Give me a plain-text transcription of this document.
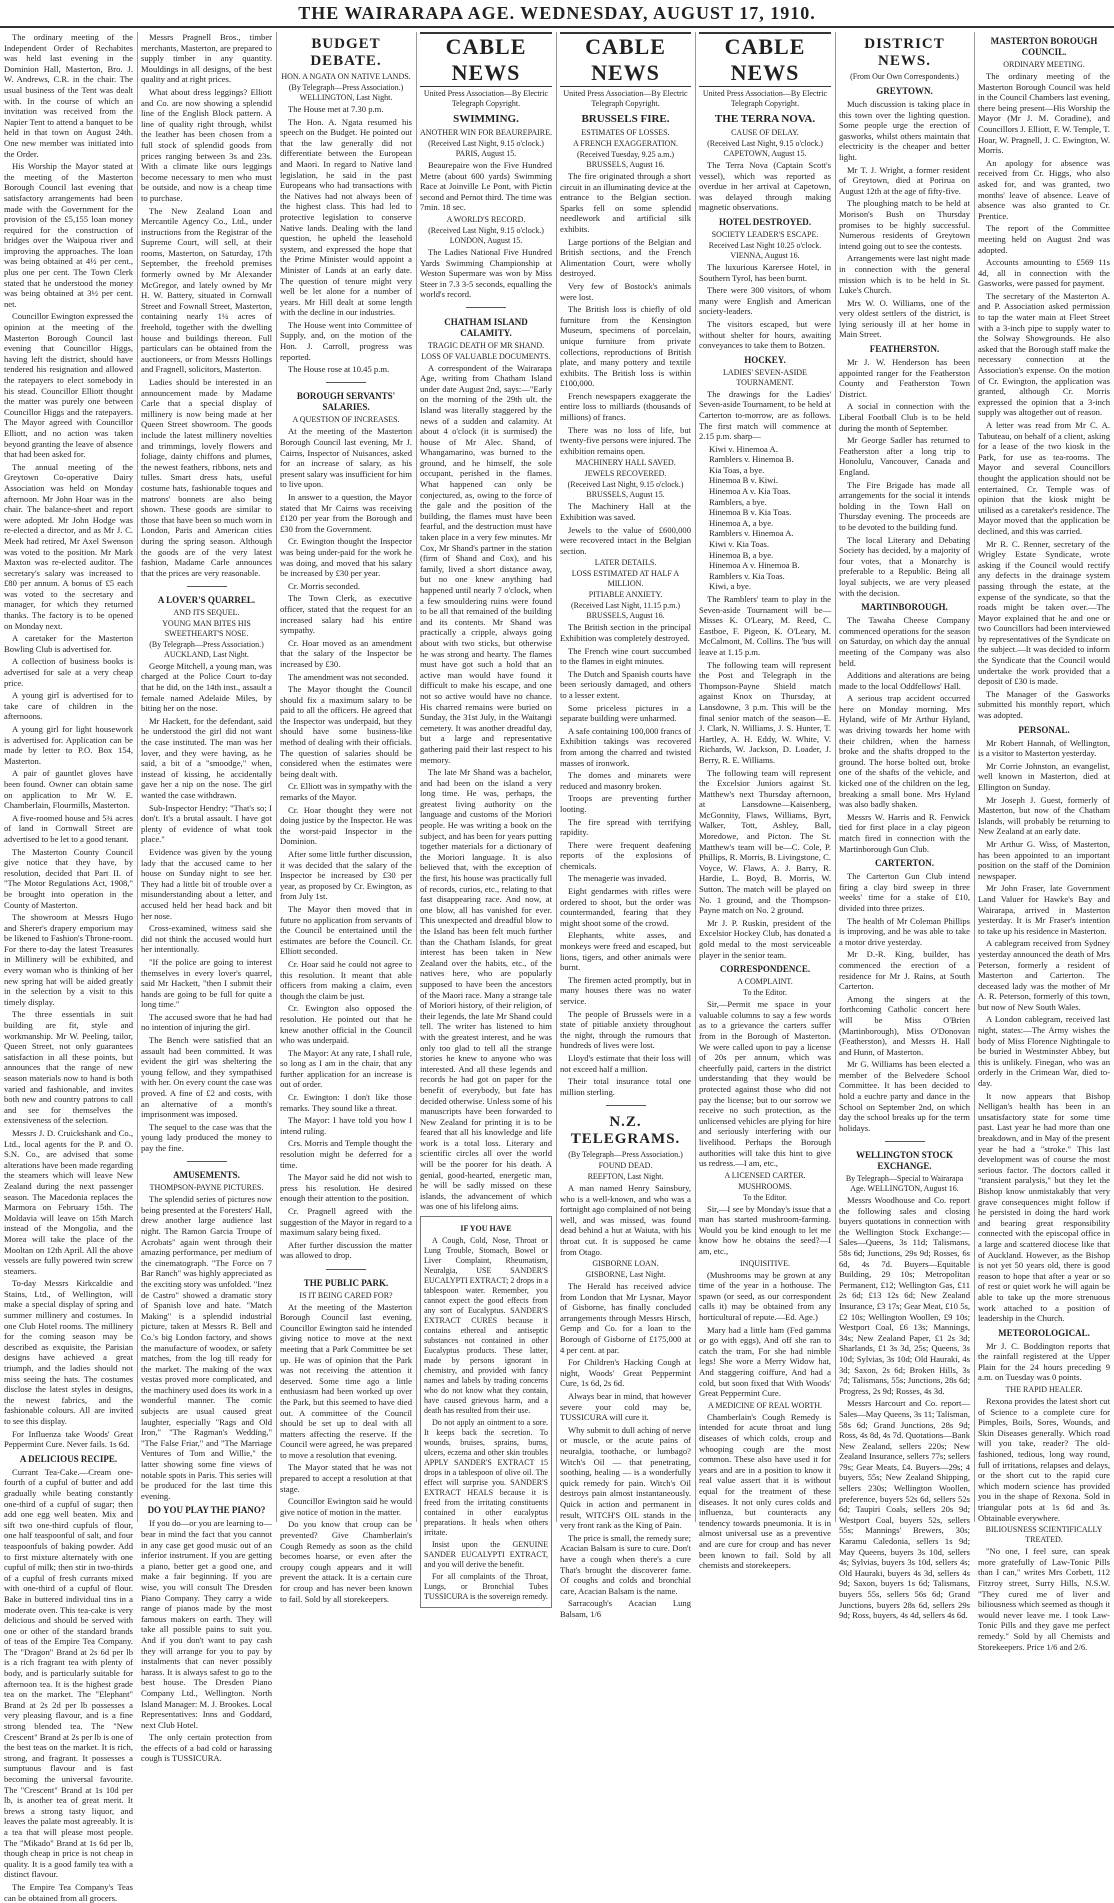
THE WAIRARAPA AGE. WEDNESDAY, AUGUST 17, 1910.

The ordinary meeting of the Independent Order of Rechabites was held last evening in the Dominion Hall, Masterton, Bro. J. W. Andrews, C.R. in the chair. The usual business of the Tent was dealt with. In the course of which an invitation was received from the Napier Tent to attend a banquet to be held in that town on August 24th. One new member was initiated into the Order.

His Worship the Mayor stated at the meeting of the Masterton Borough Council last evening that satisfactory arrangements had been made with the Government for the provision of the £5,155 loan money required for the construction of bridges over the Waipoua river and improving the approaches. The loan was being obtained at 4½ per cent., plus one per cent. The Town Clerk stated that he understood the money was being obtained at 3½ per cent. net.

Councillor Ewington expressed the opinion at the meeting of the Masterton Borough Council last evening that Councillor Higgs, having left the district, should have tendered his resignation and allowed the ratepayers to elect somebody in his stead. Councillor Elliott thought the matter was purely one between Councillor Higgs and the ratepayers. The Mayor agreed with Councillor Elliott, and no action was taken beyond granting the leave of absence that had been asked for.

The annual meeting of the Greytown Co-operative Dairy Association was held on Monday afternoon. Mr John Hoar was in the chair. The balance-sheet and report were adopted. Mr John Hodge was re-elected a director, and as Mr J. C. Meek had retired, Mr Axel Swenson was voted to the position. Mr Mark Maxton was re-elected auditor. The secretary's salary was increased to £80 per annum. A bonus of £5 each was voted to the secretary and manager, for which they returned thanks. The factory is to be opened on Monday next.

A caretaker for the Masterton Bowling Club is advertised for.

A collection of business books is advertised for sale at a very cheap price.

A young girl is advertised for to take care of children in the afternoons.

A young girl for light housework is advertised for. Application can be made by letter to P.O. Box 154, Masterton.

A pair of gauntlet gloves have been found. Owner can obtain same on application to Mr W. E. Chamberlain, Flourmills, Masterton.

A five-roomed house and 5¾ acres of land in Cornwall Street are advertised to be let to a good tenant.

The Masterton County Council give notice that they have, by resolution, decided that Part II. of "The Motor Regulations Act, 1908," be brought into operation in the County of Masterton.

The showroom at Messrs Hugo and Sherer's drapery emporium may be likened to Fashion's Throne-room. For there to-day the latest Treasures in Millinery will be exhibited, and every woman who is thinking of her new spring hat will be aided greatly in the selection by a visit to this timely display.

The three essentials in suit building are fit, style and workmanship. Mr W. Peeling, tailor, Queen Street, not only guarantees satisfaction in all these points, but announces that the range of new season materials now to hand is both varied and fashionable, and invites both new and country patrons to call and see for themselves the extensiveness of the selection.

Messrs J. D. Cruickshank and Co., Ltd., local agents for the P. and O. S.N. Co., are advised that some alterations have been made regarding the steamers which will leave New Zealand during the next passenger season. The Macedonia replaces the Marmora on February 15th. The Moldavia will leave on 15th March instead of the Mongolia, and the Morea will take the place of the Mooltan on 12th April. All the above vessels are fully powered twin screw steamers.

To-day Messrs Kirkcaldie and Stains, Ltd., of Wellington, will make a special display of spring and summer millinery and costumes. In one Club Hotel rooms. The millinery for the coming season may be described as exquisite, the Parisian designs have achieved a great triumph, and the ladies should not miss seeing the hats. The costumes disclose the latest styles in designs, the newest fabrics, and the fashionable colours. All are invited to see this display.

For Influenza take Woods' Great Peppermint Cure. Never fails. 1s 6d.

A DELICIOUS RECIPE.

Currant Tea-Cake.—Cream one-fourth of a cupful of butter and add gradually while beating constantly one-third of a cupful of sugar; then add one egg well beaten. Mix and sift two one-third cupfuls of flour, one half teaspoonful of salt, and four teaspoonfuls of baking powder. Add to first mixture alternately with one cupful of milk; then stir in two-thirds of a cupful of fresh currants mixed with one-third of a cupful of flour. Bake in buttered individual tins in a moderate oven. This tea-cake is very delicious and should be served with one or other of the standard brands of teas of the Empire Tea Company. The "Dragon" Brand at 2s 6d per lb is a rich fragrant tea with plenty of body, and is particularly suitable for afternoon tea. It is the highest grade tea on the market. The "Elephant" Brand at 2s 2d per lb possesses a very pleasing flavour, and is a fine strong blended tea. The "New Crescent" Brand at 2s per lb is one of the best teas on the market. It is rich, strong, and fragrant. It possesses a sumptuous flavour and is fast becoming the universal favourite. The "Crescent" Brand at 1s 10d per lb, is another tea of great merit. It brews a strong tasty liquor, and leaves the palate most agreeably. It is a tea that will please most people. The "Mikado" Brand at 1s 6d per lb, though cheap in price is not cheap in quality. It is a good family tea with a distinct flavour.

The Empire Tea Company's Teas can be obtained from all grocers.

Messrs Pragnell Bros., timber merchants, Masterton, are prepared to supply timber in any quantity. Mouldings in all designs, of the best quality and at right prices.

What about dress leggings? Elliott and Co. are now showing a splendid line of the English Block pattern. A line of quality right through, whilst the leather has been chosen from a full stock of splendid goods from prices ranging between 3s and 23s. With a climate like ours leggings become necessary to men who must be outside, and now is a cheap time to purchase.

The New Zealand Loan and Mercantile Agency Co., Ltd., under instructions from the Registrar of the Supreme Court, will sell, at their rooms, Masterton, on Saturday, 17th September, the freehold premises formerly owned by Mr Alexander McGregor, and lately owned by Mr H. W. Battery, situated in Cornwall Street and Fownall Street, Masterton, containing nearly 1¼ acres of freehold, together with the dwelling house and buildings thereon. Full particulars can be obtained from the auctioneers, or from Messrs Hollings and Fragnell, solicitors, Masterton.

Ladies should be interested in an announcement made by Madame Carle that a special display of millinery is now being made at her Queen Street showroom. The goods include the latest millinery novelties and trimmings, lovely flowers and foliage, dainty chiffons and plumes, the newest feathers, ribbons, nets and tulles. Smart dress hats, useful costume hats, fashionable toques and matrons' bonnets are also being shown. These goods are similar to those that have been so much worn in London, Paris and American cities during the spring season. Although the goods are of the very latest fashion, Madame Carle announces that the prices are very reasonable.

A LOVER'S QUARREL.
AND ITS SEQUEL.
YOUNG MAN BITES HIS SWEETHEART'S NOSE.
(By Telegraph—Press Association.) AUCKLAND, Last Night.

George Mitchell, a young man, was charged at the Police Court to-day that he did, on the 14th inst., assault a female named Adelaide Miles, by biting her on the nose.

Mr Hackett, for the defendant, said he understood the girl did not want the case instituted. The man was her lover, and they were having, as he said, a bit of a "smoodge," when, instead of kissing, he accidentally gave her a nip on the nose. The girl wanted the case withdrawn.

Sub-Inspector Hendry: "That's so; I don't. It's a brutal assault. I have got plenty of evidence of what took place."

Evidence was given by the young lady that the accused came to her house on Sunday night to see her. They had a little bit of trouble over a misunderstanding about a letter, and accused held her head back and bit her nose.

Cross-examined, witness said she did not think the accused would hurt her intentionally.

"If the police are going to interest themselves in every lover's quarrel, said Mr Hackett, "then I submit their hands are going to be full for quite a long time."

The accused swore that he had had no intention of injuring the girl.

The Bench were satisfied that an assault had been committed. It was evident the girl was sheltering the young fellow, and they sympathised with her. On every count the case was proved. A fine of £2 and costs, with an alternative of a month's imprisonment was imposed.

The sequel to the case was that the young lady produced the money to pay the fine.

AMUSEMENTS.
THOMPSON-PAYNE PICTURES.

The splendid series of pictures now being presented at the Foresters' Hall, drew another large audience last night. The Ramon Garcia Troupe of Acrobats" again went through their amazing performance, per medium of the cinematograph. "The Force on 7 Bar Ranch" was highly appreciated as the exciting story was unfolded. "Inez de Castro" showed a dramatic story of Spanish love and hate. "Match Making" is a splendid industrial picture, taken at Messrs R. Bell and Co.'s big London factory, and shows the manufacture of woodex, or safety matches, from the log till ready for the market. The making of the wax vestas proved more complicated, and the machinery used does its work in a wonderful manner. The comic subjects are usual caused great laughter, especially "Rags and Old Iron," "The Ragman's Wedding," "The False Friar," and "The Marriage Ventures of Tom and Willie," the latter showing some fine views of notable spots in Paris. This series will be produced for the last time this evening.

DO YOU PLAY THE PIANO?

If you do—or you are learning to—bear in mind the fact that you cannot in any case get good music out of an inferior instrument. If you are getting a piano, better get a good one, and make a fair beginning. If you are wise, you will consult The Dresden Piano Company. They carry a wide range of pianos made by the most famous makers on earth. They will take all possible pains to suit you. And if you don't want to pay cash they will arrange for you to pay by instalments that can never possibly harass. It is always safest to go to the best house. The Dresden Piano Company Ltd., Wellington. North Island Manager: M. J. Brookes. Local Representatives: Inns and Goddard, next Club Hotel.

The only certain protection from the effects of a bad cold or harassing cough is TUSSICURA.

BUDGET DEBATE.
HON. A NGATA ON NATIVE LANDS.
(By Telegraph—Press Association.) WELLINGTON, Last Night.

The House met at 7.30 p.m.

The Hon. A. Ngata resumed his speech on the Budget. He pointed out that the law generally did not differentiate between the European and Maori. In regard to Native land legislation, he said in the past Europeans who had transactions with the Natives had not always been of the highest class. This had led to protective legislation to conserve Native lands. Dealing with the land question, he upheld the leasehold system, and expressed the hope that the Prime Minister would appoint a Minister of Lands at an early date. The question of tenure might very well be let alone for a number of years. Mr Hill dealt at some length with the decline in our industries.

The House went into Committee of Supply, and, on the motion of the Hon. J. Carroll, progress was reported.

The House rose at 10.45 p.m.

BOROUGH SERVANTS' SALARIES.
A QUESTION OF INCREASES.

At the meeting of the Masterton Borough Council last evening, Mr J. Cairns, Inspector of Nuisances, asked for an increase of salary, as his present salary was insufficient for him to live upon.

In answer to a question, the Mayor stated that Mr Cairns was receiving £120 per year from the Borough and £30 from the Government.

Cr. Ewington thought the Inspector was being under-paid for the work he was doing, and moved that his salary be increased by £30 per year.

Cr. Morris seconded.

The Town Clerk, as executive officer, stated that the request for an increased salary had his entire sympathy.

Cr. Hoar moved as an amendment that the salary of the Inspector be increased by £30.

The amendment was not seconded.

The Mayor thought the Council should fix a maximum salary to be paid to all the officers. He agreed that the Inspector was underpaid, but they should have some business-like method of dealing with their officials. The question of salaries should be considered when the estimates were being dealt with.

Cr. Elliott was in sympathy with the remarks of the Mayor.

Cr. Hoar thought they were not doing justice by the Inspector. He was the worst-paid Inspector in the Dominion.

After some little further discussion, it was decided that the salary of the Inspector be increased by £30 per year, as proposed by Cr. Ewington, as from July 1st.

The Mayor then moved that in future no application from servants of the Council be entertained until the estimates are before the Council. Cr. Elliott seconded.

Cr. Hoar said he could not agree to this resolution. It meant that able officers from making a claim, even though the claim be just.

Cr. Ewington also opposed the resolution. He pointed out that he knew another official in the Council who was underpaid.

The Mayor: At any rate, I shall rule, so long as I am in the chair, that any further application for an increase is out of order.

Cr. Ewington: I don't like those remarks. They sound like a threat.

The Mayor: I have told you how I intend ruling.

Crs. Morris and Temple thought the resolution might be deferred for a time.

The Mayor said he did not wish to press his resolution. He desired enough their attention to the position.

Cr. Pragnell agreed with the suggestion of the Mayor in regard to a maximum salary being fixed.

After further discussion the matter was allowed to drop.

THE PUBLIC PARK.
IS IT BEING CARED FOR?

At the meeting of the Masterton Borough Council last evening, Councillor Ewington said he intended giving notice to move at the next meeting that a Park Committee be set up. He was of opinion that the Park was not receiving the attention it deserved. Some time ago a little enthusiasm had been worked up over the Park, but this seemed to have died out. A committee of the Council should be set up to deal with all matters affecting the reserve. If the Council were agreed, he was prepared to move a resolution that evening.

The Mayor stated that he was not prepared to accept a resolution at that stage.

Councillor Ewington said he would give notice of motion in the matter.

Do you know that croup can be prevented? Give Chamberlain's Cough Remedy as soon as the child becomes hoarse, or even after the croupy cough appears and it will prevent the attack. It is a certain cure for croup and has never been known to fail. Sold by all storekeepers.

CABLE NEWS
United Press Association—By Electric Telegraph Copyright.
SWIMMING.
ANOTHER WIN FOR BEAUREPAIRE.
(Received Last Night, 9.15 o'clock.) PARIS, August 15.

Beaurepaire won the Five Hundred Metre (about 600 yards) Swimming Race at Joinville Le Pont, with Pictin second and Pernot third. The time was 7min. 18 sec.

A WORLD'S RECORD.
(Received Last Night, 9.15 o'clock.) LONDON, August 15.

The Ladies National Five Hundred Yards Swimming Championship at Weston Supermare was won by Miss Steer in 7.3 3-5 seconds, equalling the world's record.

CHATHAM ISLAND CALAMITY.
TRAGIC DEATH OF MR SHAND.
LOSS OF VALUABLE DOCUMENTS.

A correspondent of the Wairarapa Age, writing from Chatham Island under date August 2nd, says:—"Early on the morning of the 29th ult. the Island was literally staggered by the news of a sudden and calamity. At about 4 o'clock (it is surmised) the house of Mr Alec. Shand, of Whangamarino, was burned to the ground, and he himself, the sole occupant, perished in the flames. What happened can only be conjectured, as, owing to the force of the gale and the position of the building, the flames must have been fearful, and the destruction must have taken place in a very few minutes. Mr Cox, Mr Shand's partner in the station (firm of Shand and Cox), and his family, lived a short distance away, but no one knew anything had happened until nearly 7 o'clock, when a few smouldering ruins were found to be all that remained of the building and its contents. Mr Shand was practically a cripple, always going about with two sticks, but otherwise he was strong and hearty. The flames must have got such a hold that an active man would have found it difficult to make his escape, and one not so active would have no chance. His charred remains were buried on Sunday, the 31st July, in the Waitangi cemetery. It was another dreadful day, but a large and representative gathering paid their last respect to his memory.

The late Mr Shand was a bachelor, and had been on the island a very long time. He was, perhaps, the greatest living authority on the language and customs of the Moriori people. He was writing a book on the subject, and has been for years putting together materials for a dictionary of the Moriori language. It is also believed that, with the exception of the first, his house was practically full of records, curios, etc., relating to that fast disappearing race. And now, at one blow, all has vanished for ever. This unexpected and dreadful blow to the Island has been felt much further than the Chatham Islands, for great interest has been taken in New Zealand over the habits, etc., of the natives here, who are popularly supposed to have been the ancestors of the Maori race. Many a strange tale of Moriori history, of their religion, of their legends, the late Mr Shand could tell. The writer has listened to him with the greatest interest, and he was only too glad to tell all the strange stories he knew to anyone who was interested. And all these legends and records he had got on paper for the benefit of everybody, but fate has decided otherwise. Unless some of his manuscripts have been forwarded to New Zealand for printing it is to be feared that all his knowledge and life work is a total loss. Literary and scientific circles all over the world will be the poorer for his death. A genial, good-hearted, energetic man, he will be sadly missed on these islands, the advancement of which was one of his lifelong aims.

IF YOU HAVE

A Cough, Cold, Nose, Throat or Lung Trouble, Stomach, Bowel or Liver Complaint, Rheumatism, Neuralgia, USE SANDER'S EUCALYPTI EXTRACT; 2 drops in a tablespoon water. Remember, you cannot expect the good effects from any sort of Eucalyptus. SANDER'S EXTRACT CURES because it contains ethereal and antiseptic substances not contained in other Eucalyptus products. These latter, made by persons ignorant in chemistry, and provided with fancy names and labels by trading concerns who do not know what they contain, have caused grievous harm, and a death has resulted from their use.

Do not apply an ointment to a sore. It keeps back the secretion. To wounds, bruises, sprains, burns, ulcers, eczema and other skin troubles APPLY SANDER'S EXTRACT 15 drops in a tablespoon of olive oil. The effect will surprise you. SANDER'S EXTRACT HEALS because it is freed from the irritating constituents contained in other eucalyptus preparations. It heals when others irritate.

Insist upon the GENUINE SANDER EUCALYPTI EXTRACT, and you will derive the benefit.

For all complaints of the Throat, Lungs, or Bronchial Tubes TUSSICURA is the sovereign remedy.

CABLE NEWS
United Press Association—By Electric Telegraph Copyright.
BRUSSELS FIRE.
ESTIMATES OF LOSSES.
A FRENCH EXAGGERATION.
(Received Tuesday, 9.25 a.m.) BRUSSELS, August 16.

The fire originated through a short circuit in an illuminating device at the entrance to the Belgian section. Sparks fell on some splendid needlework and artificial silk exhibits.

Large portions of the Belgian and British sections, and the French Alimentation Court, were wholly destroyed.

Very few of Bostock's animals were lost.

The British loss is chiefly of old furniture from the Kensington Museum, specimens of porcelain, unique furniture from private collections, reproductions of British plate, and many pottery and textile exhibits. The British loss is within £100,000.

French newspapers exaggerate the entire loss to milliards (thousands of millions) of francs.

There was no loss of life, but twenty-five persons were injured. The exhibition remains open.

MACHINERY HALL SAVED.
JEWELS RECOVERED.
(Received Last Night, 9.15 o'clock.) BRUSSELS, August 15.

The Machinery Hall at the Exhibition was saved.

Jewels to the value of £600,000 were recovered intact in the Belgian section.

LATER DETAILS.
LOSS ESTIMATED AT HALF A MILLION.
PITIABLE ANXIETY.
(Received Last Night, 11.15 p.m.) BRUSSELS, August 16.

The British section in the principal Exhibition was completely destroyed.

The French wine court succumbed to the flames in eight minutes.

The Dutch and Spanish courts have been seriously damaged, and others to a lesser extent.

Some priceless pictures in a separate building were unharmed.

A safe containing 100,000 francs of Exhibition takings was recovered from among the charred and twisted masses of ironwork.

The domes and minarets were reduced and masonry broken.

Troops are preventing further looting.

The fire spread with terrifying rapidity.

There were frequent deafening reports of the explosions of chemicals.

The menagerie was invaded.

Eight gendarmes with rifles were ordered to shoot, but the order was countermanded, fearing that they might shoot some of the crowd.

Elephants, white asses, and monkeys were freed and escaped, but lions, tigers, and other animals were burnt.

The firemen acted promptly, but in many houses there was no water service.

The people of Brussels were in a state of pitiable anxiety throughout the night, through the rumours that hundreds of lives were lost.

Lloyd's estimate that their loss will not exceed half a million.

Their total insurance total one million sterling.

N.Z. TELEGRAMS.
(By Telegraph—Press Association.)
FOUND DEAD.
REEFTON, Last Night.

A man named Henry Sainsbury, who is a well-known, and who was a fortnight ago complained of not being well, and was missed, was found dead behind a hut at Waiuta, with his throat cut. It is supposed he came from Otago.

GISBORNE LOAN.
GISBORNE, Last Night.

The Herald has received advice from London that Mr Lysnar, Mayor of Gisborne, has finally concluded arrangements through Messrs Hirsch, Gemp and Co. for a loan to the Borough of Gisborne of £175,000 at 4 per cent. at par.

For Children's Hacking Cough at night, Woods' Great Peppermint Cure, 1s 6d, 2s 6d.

Always bear in mind, that however severe your cold may be, TUSSICURA will cure it.

Why submit to dull aching of nerve or muscle, or the acute pains of neuralgia, toothache, or lumbago? Witch's Oil — that penetrating, soothing, healing — is a wonderfully quick remedy for pain. Witch's Oil destroys pain almost instantaneously. Quick in action and permanent in result, WITCH'S OIL stands in the very front rank as the King of Pain.

The price is small, the remedy sure; Acacian Balsam is sure to cure. Don't have a cough when there's a cure That's brought the discoverer fame. Of coughs and colds and bronchial care, Acacian Balsam is the name.

Sarracough's Acacian Lung Balsam, 1/6

CABLE NEWS
United Press Association—By Electric Telegraph Copyright.
THE TERRA NOVA.
CAUSE OF DELAY.
(Received Last Night, 9.15 o'clock.) CAPETOWN, August 15.

The Terra Nova (Captain Scott's vessel), which was reported as overdue in her arrival at Capetown, was delayed through making magnetic observations.

HOTEL DESTROYED.
SOCIETY LEADER'S ESCAPE.
Received Last Night 10.25 o'clock. VIENNA, August 16.

The luxurious Karersee Hotel, in Southern Tyrol, has been burnt.

There were 300 visitors, of whom many were English and American society-leaders.

The visitors escaped, but were without shelter for hours, awaiting conveyances to take them to Botzen.

HOCKEY.
LADIES' SEVEN-ASIDE TOURNAMENT.

The drawings for the Ladies' Seven-aside Tournament, to be held at Carterton to-morrow, are as follows. The first match will commence at 2.15 p.m. sharp—

Kiwi v. Hinemoa A.
Ramblers v. Hinemoa B.
Kia Toas, a bye.
Hinemoa B v. Kiwi.
Hinemoa A v. Kia Toas.
Ramblers, a bye.
Hinemoa B v. Kia Toas.
Hinemoa A, a bye.
Ramblers v. Hinemoa A.
Kiwi v. Kia Toas.
Hinemoa B, a bye.
Hinemoa A v. Hinemoa B.
Ramblers v. Kia Toas.
Kiwi, a bye.

The Ramblers' team to play in the Seven-aside Tournament will be—Misses K. O'Leary, M. Reed, C. Eastboe, F. Pigeon, K. O'Leary, M. McCalmont, M. Collins. The 'bus will leave at 1.15 p.m.

The following team will represent the Post and Telegraph in the Thompson-Payne Shield match against Knox on Thursday, at Lansdowne, 3 p.m. This will be the final senior match of the season—E. J. Clark, N. Williams, J. S. Hunter, T. Hartley, A. H. Eddy, W. White, V. Richards, W. Jackson, D. Loader, J. Berry, R. E. Williams.

The following team will represent the Excelsior Juniors against St. Matthew's next Thursday afternoon, at Lansdowne—Kaisenberg, McGonnity, Flaws, Williams, Byrt, Walker, Tott, Ashley, Ball, Moredowe, and Picton. The St. Matthew's team will be—C. Cole, P. Phillips, R. Morris, B. Livingstone, C. Voyce, W. Flaws, A. J. Barry, R. Hardie, L. Boyd, B. Morris, W. Sutton. The match will be played on No. 1 ground, and the Thompson-Payne match on No. 2 ground.

Mr J. P. Ruskin, president of the Excelsior Hockey Club, has donated a gold medal to the most serviceable player in the senior team.

CORRESPONDENCE.
A COMPLAINT.
To the Editor.

Sir,—Permit me space in your valuable columns to say a few words as to a grievance the carters suffer from in the Borough of Masterton. We were called upon to pay a license of 20s per annum, which was cheerfully paid, carters in the district understanding that they would be protected against those who did not pay the license; but to our sorrow we receive no such protection, as the unlicensed vehicles are plying for hire and seriously interfering with our livelihood. Perhaps the Borough authorities will take this hint to give us redress.—I am, etc.,

A LICENSED CARTER.
MUSHROOMS.
To the Editor.

Sir,—I see by Monday's issue that a man has started mushroom-farming. Would you be kind enough to let me know how he obtains the seed?—I am, etc.,

INQUISITIVE.

(Mushrooms may be grown at any time of the year in a hothouse. The spawn (or seed, as our correspondent calls it) may be obtained from any horticultural of repute.—Ed. Age.)

Mary had a little ham (Fed gamma or go with eggs), And off she ran to catch the tram, For she had nimble legs! She wore a Merry Widow hat, And staggering coiffure, And had a cold, but soon fixed that With Woods' Great Peppermint Cure.

A MEDICINE OF REAL WORTH.

Chamberlain's Cough Remedy is intended for acute throat and lung diseases of which colds, croup and whooping cough are the most common. These also have used it for years and are in a position to know it real value assert that it is without equal for the treatment of these diseases. It not only cures colds and influenza, but counteracts any tendency towards pneumonia. It is in almost universal use as a preventive and are cure for croup and has never been known to fail. Sold by all chemists and storekeepers.

DISTRICT NEWS.
(From Our Own Correspondents.)
GREYTOWN.

Much discussion is taking place in this town over the lighting question. Some people urge the erection of gasworks, whilst others maintain that electricity is the cheaper and better light.

Mr T. J. Wright, a former resident of Greytown, died at Porirua on August 12th at the age of fifty-five.

The ploughing match to be held at Morison's Bush on Thursday promises to be highly successful. Numerous residents of Greytown intend going out to see the contests.

Arrangements were last night made in connection with the general mission which is to be held in St. Luke's Church.

Mrs W. O. Williams, one of the very oldest settlers of the district, is lying seriously ill at her home in Main Street.

FEATHERSTON.

Mr J. W. Henderson has been appointed ranger for the Featherston County and Featherston Town District.

A social in connection with the Liberal Football Club is to be held during the month of September.

Mr George Sadler has returned to Featherston after a long trip to Honolulu, Vancouver, Canada and England.

The Fire Brigade has made all arrangements for the social it intends holding in the Town Hall on Thursday evening. The proceeds are to be devoted to the building fund.

The local Literary and Debating Society has decided, by a majority of four votes, that a Monarchy is preferable to a Republic. Being all loyal subjects, we are very pleased with the decision.

MARTINBOROUGH.

The Tawaha Cheese Company commenced operations for the season on Saturday, on which day the annual meeting of the Company was also held.

Additions and alterations are being made to the local Oddfellows' Hall.

A serious trap accident occurred here on Monday morning. Mrs Hyland, wife of Mr Arthur Hyland, was driving towards her home with their children, when the harness broke and the shafts dropped to the ground. The horse bolted out, broke one of the shafts of the vehicle, and kicked one of the children on the leg, breaking a small bone. Mrs Hyland was also badly shaken.

Messrs W. Harris and R. Fenwick tied for first place in a clay pigeon match fired in connection with the Martinborough Gun Club.

CARTERTON.

The Carterton Gun Club intend firing a clay bird sweep in three weeks' time for a stake of £10, divided into three prizes.

The health of Mr Coleman Phillips is improving, and he was able to take a motor drive yesterday.

Mr D.-R. King, builder, has commenced the erection of a residence for Mr J. Rains, at South Carterton.

Among the singers at the forthcoming Catholic concert here will be Miss O'Brien (Martinborough), Miss O'Donovan (Featherston), and Messrs H. Hall and Hunn, of Masterton.

Mr G. Williams has been elected a member of the Belvedere School Committee. It has been decided to hold a euchre party and dance in the School on September 2nd, on which day the school breaks up for the term holidays.

WELLINGTON STOCK EXCHANGE.
By Telegraph—Special to Wairarapa Age. WELLINGTON, August 16.

Messrs Woodhouse and Co. report the following sales and closing buyers quotations in connection with the Wellington Stock Exchange:—Sales—Queens, 3s 11d; Talismans, 58s 6d; Junctions, 29s 9d; Rosses, 6s 6d, 4s 7d. Buyers—Equitable Building, 29 10s; Metropolitan Permanent, £12; Wellington Gas, £11 2s 6d; £13 12s 6d; New Zealand Insurance, £3 17s; Gear Meat, £10 5s, £2 10s; Wellington Woollen, £9 10s; Westport Coal, £6 13s; Mannings, 34s; New Zealand Paper, £1 2s 3d; Sharlands, £1 3s 3d, 25s; Queens, 3s 10d; Sylvias, 3s 10d; Old Hauraki, 4s 3d; Saxon, 2s 6d; Broken Hills, 3s 7d; Talismans, 55s; Junctions, 28s 6d; Progress, 2s 9d; Rosses, 4s 3d.

Messrs Harcourt and Co. report—Sales—May Queens, 3s 11; Talisman, 58s 6d; Grand Junctions, 28s 9d; Ross, 4s 8d, 4s 7d. Quotations—Bank New Zealand, sellers 220s; New Zealand Insurance, sellers 77s; sellers 79s; Gear Meats, £4. Buyers—29s; 4 buyers, 55s; New Zealand Shipping, sellers 230s; Wellington Woollen, preference, buyers 52s 6d, sellers 52s 6d; Taupiri Coals, sellers 20s 9d; Westport Coal, buyers 52s, sellers 55s; Mannings' Brewers, 30s; Karamu Caledonia, sellers 1s 9d; May Queens, buyers 3s 10d, sellers 4s; Sylvias, buyers 3s 10d, sellers 4s; Old Hauraki, buyers 4s 3d, sellers 4s 9d; Saxon, buyers 1s 6d; Talismans, buyers 55s, sellers 56s 6d; Grand Junctions, buyers 28s 6d, sellers 29s 9d; Ross, buyers, 4s 4d, sellers 4s 6d.

MASTERTON BOROUGH COUNCIL.
ORDINARY MEETING.

The ordinary meeting of the Masterton Borough Council was held in the Council Chambers last evening, there being present—His Worship the Mayor (Mr J. M. Coradine), and Councillors J. Elliott, F. W. Temple, T. Hoar, W. Pragnell, J. C. Ewington, W. Morris.

An apology for absence was received from Cr. Higgs, who also asked for, and was granted, two months' leave of absence. Leave of absence was also granted to Cr. Prentice.

The report of the Committee meeting held on August 2nd was adopted.

Accounts amounting to £569 11s 4d, all in connection with the Gasworks, were passed for payment.

The secretary of the Masterton A. and P. Association asked permission to tap the water main at Fleet Street with a 3-inch pipe to supply water to the Solway Showgrounds. He also asked that the Borough staff make the necessary connection at the Association's expense. On the motion of Cr. Ewington, the application was granted, although Cr. Morris expressed the opinion that a 3-inch supply was altogether out of reason.

A letter was read from Mr C. A. Tabuteau, on behalf of a client, asking for a lease of the two kiosk in the Park, for use as tea-rooms. The Mayor and several Councillors thought the application should not be entertained. Cr. Temple was of opinion that the kiosk might be utilised as a caretaker's residence. The Mayor moved that the application be declined, and this was carried.

Mr R. C. Renner, secretary of the Wrigley Estate Syndicate, wrote asking if the Council would rectify any defects in the drainage system passing through the estate, at the expense of the syndicate, so that the roads might be taken over.—The Mayor explained that he and one or two Councillors had been interviewed by representatives of the Syndicate on the subject.—It was decided to inform the Syndicate that the Council would undertake the work provided that a deposit of £30 is made.

The Manager of the Gasworks submitted his monthly report, which was adopted.

PERSONAL.

Mr Robert Hannah, of Wellington, is a visitor to Masterton yesterday.

Mr Corrie Johnston, an evangelist, well known in Masterton, died at Ellington on Sunday.

Mr Joseph J. Guest, formerly of Masterton, but now of the Chatham Islands, will probably be returning to New Zealand at an early date.

Mr Arthur G. Wiss, of Masterton, has been appointed to an important position on the staff of the Dominion newspaper.

Mr John Fraser, late Government Land Valuer for Hawke's Bay and Wairarapa, arrived in Masterton yesterday. It is Mr Fraser's intention to take up his residence in Masterton.

A cablegram received from Sydney yesterday announced the death of Mrs Peterson, formerly a resident of Masterton and Carterton. The deceased lady was the mother of Mr A. R. Peterson, formerly of this town, but now of New South Wales.

A London cablegram, received last night, states:—The Army wishes the body of Miss Florence Nightingale to be buried in Westminster Abbey, but this is unlikely. Finegan, who was an orderly in the Crimean War, died to-day.

It now appears that Bishop Nelligan's health has been in an unsatisfactory state for some time past. Last year he had more than one breakdown, and in May of the present year he had a "stroke." This last development was of course the most serious factor. The doctors called it "transient paralysis," but they let the Bishop know unmistakably that very grave consequences might follow if he persisted in doing the hard work and bearing great responsibility connected with the episcopal office in a large and scattered diocese like that of Auckland. However, as the Bishop is not yet 50 years old, there is good reason to hope that after a year or so of rest or quiet work he will again be able to take up the more strenuous work attached to a position of leadership in the Church.

METEOROLOGICAL.

Mr J. C. Boddington reports that the rainfall registered at the Upper Plain for the 24 hours preceding 9 a.m. on Tuesday was 0 points.

THE RAPID HEALER.

Rexona provides the latest short cut of Science to a complete cure for Pimples, Boils, Sores, Wounds, and Skin Diseases generally. Which road will you take, reader? The old-fashioned, tedious, long way round, full of irritations, relapses and delays, or the short cut to the rapid cure which modern science has provided you in the shape of Rexona. Sold in triangular pots at 1s 6d and 3s. Obtainable everywhere.

BILIOUSNESS SCIENTIFICALLY TREATED.

"No one, I feel sure, can speak more gratefully of Law-Tonic Pills than I can," writes Mrs Corbett, 112 Fitzroy street, Surry Hills, N.S.W. "They cured me of liver and biliousness which seemed as though it would never leave me. I took Law-Tonic Pills and they gave me perfect remedy." Sold by all Chemists and Storekeepers. Price 1/6 and 2/6.
